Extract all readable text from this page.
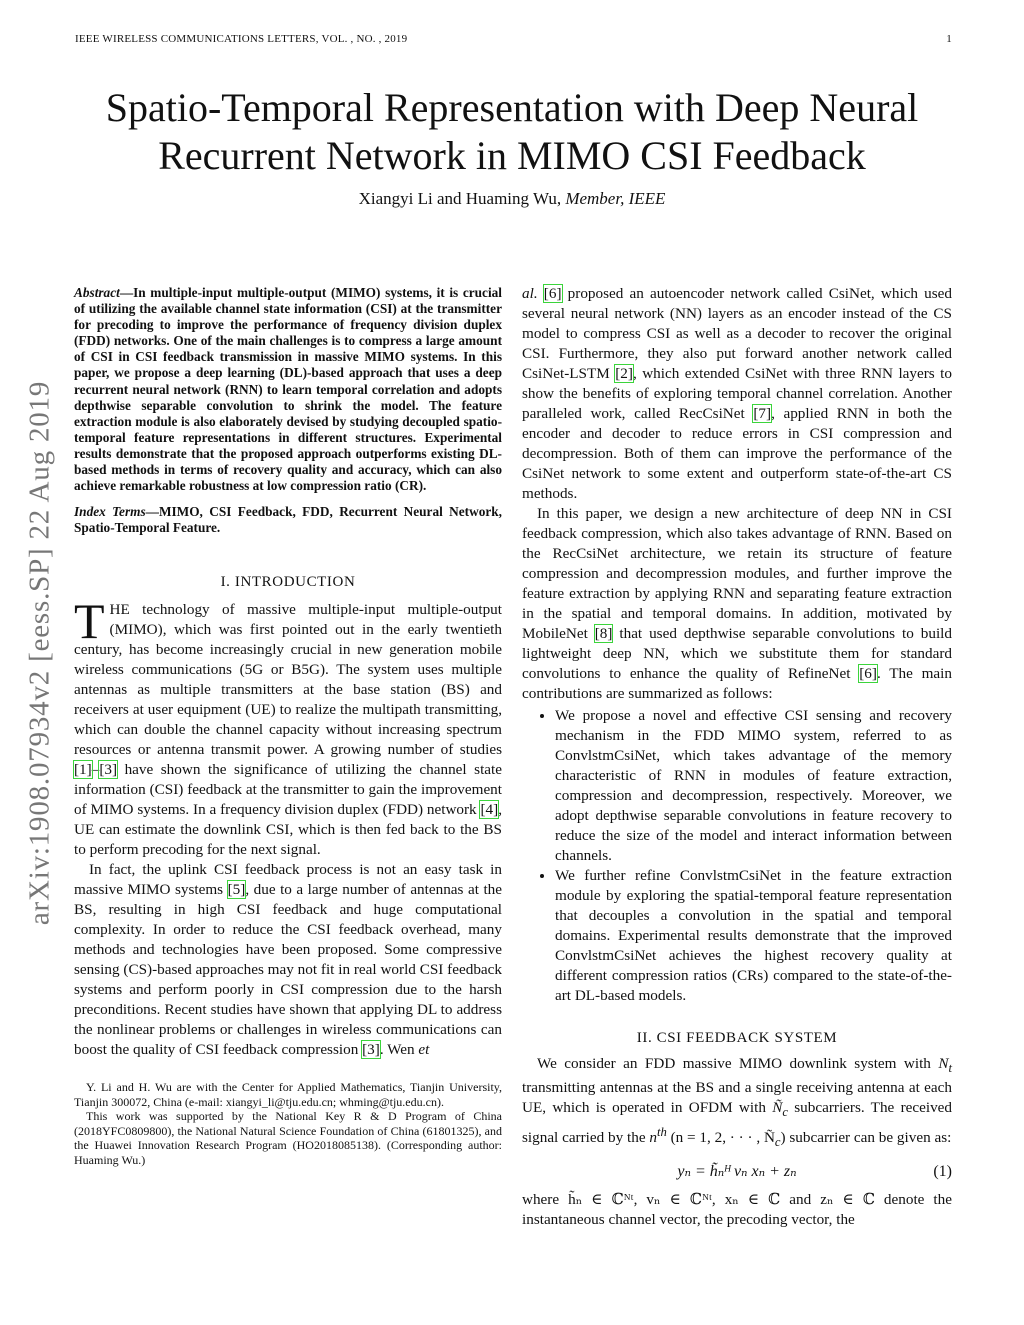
IEEE WIRELESS COMMUNICATIONS LETTERS, VOL. , NO. , 2019	1
Spatio-Temporal Representation with Deep Neural
Recurrent Network in MIMO CSI Feedback
Xiangyi Li and Huaming Wu, Member, IEEE
arXiv:1908.07934v2 [eess.SP] 22 Aug 2019
Abstract—In multiple-input multiple-output (MIMO) systems, it is crucial of utilizing the available channel state information (CSI) at the transmitter for precoding to improve the performance of frequency division duplex (FDD) networks. One of the main challenges is to compress a large amount of CSI in CSI feedback transmission in massive MIMO systems. In this paper, we propose a deep learning (DL)-based approach that uses a deep recurrent neural network (RNN) to learn temporal correlation and adopts depthwise separable convolution to shrink the model. The feature extraction module is also elaborately devised by studying decoupled spatio-temporal feature representations in different structures. Experimental results demonstrate that the proposed approach outperforms existing DL-based methods in terms of recovery quality and accuracy, which can also achieve remarkable robustness at low compression ratio (CR).
Index Terms—MIMO, CSI Feedback, FDD, Recurrent Neural Network, Spatio-Temporal Feature.
I. INTRODUCTION

THE technology of massive multiple-input multiple-output (MIMO), which was first pointed out in the early twentieth century, has become increasingly crucial in new generation mobile wireless communications (5G or B5G). The system uses multiple antennas as multiple transmitters at the base station (BS) and receivers at user equipment (UE) to realize the multipath transmitting, which can double the channel capacity without increasing spectrum resources or antenna transmit power. A growing number of studies [1]–[3] have shown the significance of utilizing the channel state information (CSI) feedback at the transmitter to gain the improvement of MIMO systems. In a frequency division duplex (FDD) network [4], UE can estimate the downlink CSI, which is then fed back to the BS to perform precoding for the next signal.

In fact, the uplink CSI feedback process is not an easy task in massive MIMO systems [5], due to a large number of antennas at the BS, resulting in high CSI feedback and huge computational complexity. In order to reduce the CSI feedback overhead, many methods and technologies have been proposed. Some compressive sensing (CS)-based approaches may not fit in real world CSI feedback systems and perform poorly in CSI compression due to the harsh preconditions. Recent studies have shown that applying DL to address the nonlinear problems or challenges in wireless communications can boost the quality of CSI feedback compression [3]. Wen et

Y. Li and H. Wu are with the Center for Applied Mathematics, Tianjin University, Tianjin 300072, China (e-mail: xiangyi_li@tju.edu.cn; whming@tju.edu.cn).

This work was supported by the National Key R & D Program of China (2018YFC0809800), the National Natural Science Foundation of China (61801325), and the Huawei Innovation Research Program (HO2018085138). (Corresponding author: Huaming Wu.)

al. [6] proposed an autoencoder network called CsiNet, which used several neural network (NN) layers as an encoder instead of the CS model to compress CSI as well as a decoder to recover the original CSI. Furthermore, they also put forward another network called CsiNet-LSTM [2], which extended CsiNet with three RNN layers to show the benefits of exploring temporal channel correlation. Another paralleled work, called RecCsiNet [7], applied RNN in both the encoder and decoder to reduce errors in CSI compression and decompression. Both of them can improve the performance of the CsiNet network to some extent and outperform state-of-the-art CS methods.

In this paper, we design a new architecture of deep NN in CSI feedback compression, which also takes advantage of RNN. Based on the RecCsiNet architecture, we retain its structure of feature compression and decompression modules, and further improve the feature extraction by applying RNN and separating feature extraction in the spatial and temporal domains. In addition, motivated by MobileNet [8] that used depthwise separable convolutions to build lightweight deep NN, which we substitute them for standard convolutions to enhance the quality of RefineNet [6]. The main contributions are summarized as follows:

• We propose a novel and effective CSI sensing and recovery mechanism in the FDD MIMO system, referred to as ConvlstmCsiNet, which takes advantage of the memory characteristic of RNN in modules of feature extraction, compression and decompression, respectively. Moreover, we adopt depthwise separable convolutions in feature recovery to reduce the size of the model and interact information between channels.
• We further refine ConvlstmCsiNet in the feature extraction module by exploring the spatial-temporal feature representation that decouples a convolution in the spatial and temporal domains. Experimental results demonstrate that the improved ConvlstmCsiNet achieves the highest recovery quality at different compression ratios (CRs) compared to the state-of-the-art DL-based models.
II. CSI FEEDBACK SYSTEM

We consider an FDD massive MIMO downlink system with $N_t$ transmitting antennas at the BS and a single receiving antenna at each UE, which is operated in OFDM with $Ñ_c$ subcarriers. The received signal carried by the $n^{th}$ (n = 1, 2, · · · , $Ñ_c$) subcarrier can be given as:

yₙ = h̃ₙᴴ vₙ xₙ + zₙ	(1)

where h̃ₙ ∈ ℂᴺᵗ, vₙ ∈ ℂᴺᵗ, xₙ ∈ ℂ and zₙ ∈ ℂ denote the instantaneous channel vector, the precoding vector, the
